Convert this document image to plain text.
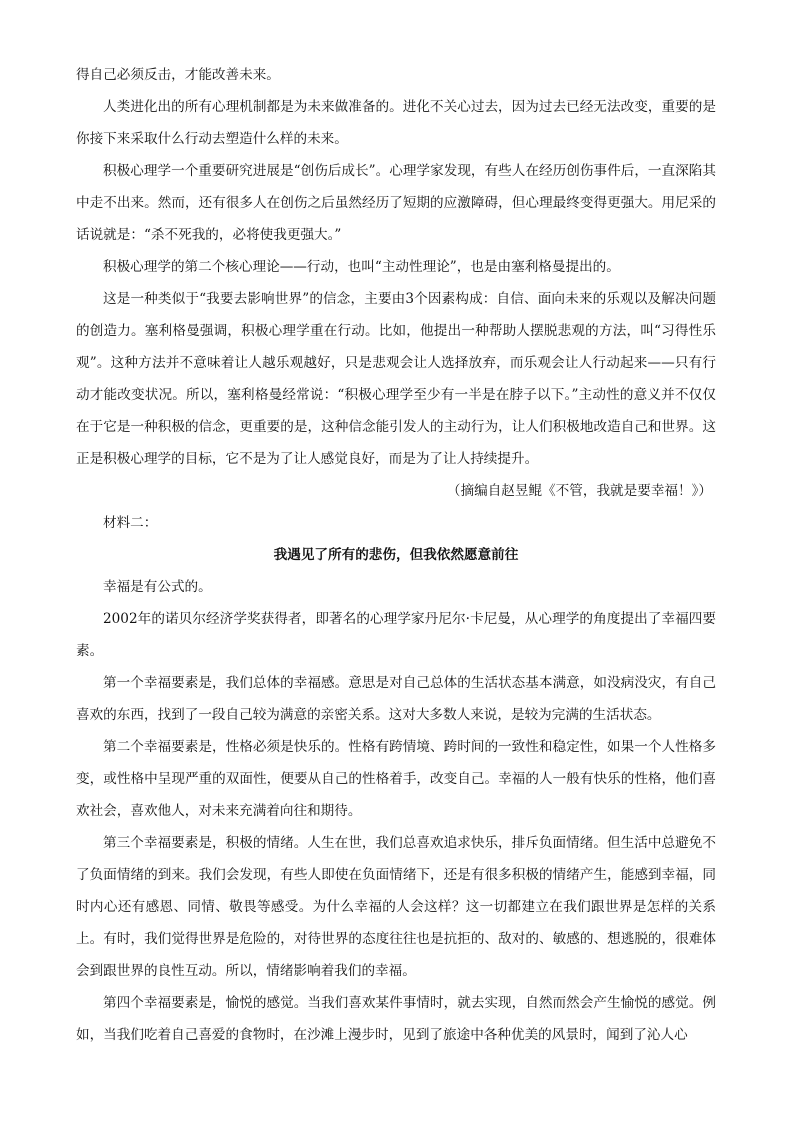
得自己必须反击，才能改善未来。

人类进化出的所有心理机制都是为未来做准备的。进化不关心过去，因为过去已经无法改变，重要的是你接下来采取什么行动去塑造什么样的未来。

积极心理学一个重要研究进展是“创伤后成长”。心理学家发现，有些人在经历创伤事件后，一直深陷其中走不出来。然而，还有很多人在创伤之后虽然经历了短期的应激障碍，但心理最终变得更强大。用尼采的话说就是：“杀不死我的，必将使我更强大。”

积极心理学的第二个核心理论——行动，也叫“主动性理论”，也是由塞利格曼提出的。

这是一种类似于“我要去影响世界”的信念，主要由3个因素构成：自信、面向未来的乐观以及解决问题的创造力。塞利格曼强调，积极心理学重在行动。比如，他提出一种帮助人摆脱悲观的方法，叫“习得性乐观”。这种方法并不意味着让人越乐观越好，只是悲观会让人选择放弃，而乐观会让人行动起来——只有行动才能改变状况。所以，塞利格曼经常说：“积极心理学至少有一半是在脖子以下。”主动性的意义并不仅仅在于它是一种积极的信念，更重要的是，这种信念能引发人的主动行为，让人们积极地改造自己和世界。这正是积极心理学的目标，它不是为了让人感觉良好，而是为了让人持续提升。

（摘编自赵昱鲲《不管，我就是要幸福！》）

材料二：

我遇见了所有的悲伤，但我依然愿意前往

幸福是有公式的。

2002年的诺贝尔经济学奖获得者，即著名的心理学家丹尼尔·卡尼曼，从心理学的角度提出了幸福四要素。

第一个幸福要素是，我们总体的幸福感。意思是对自己总体的生活状态基本满意，如没病没灾，有自己喜欢的东西，找到了一段自己较为满意的亲密关系。这对大多数人来说，是较为完满的生活状态。

第二个幸福要素是，性格必须是快乐的。性格有跨情境、跨时间的一致性和稳定性，如果一个人性格多变，或性格中呈现严重的双面性，便要从自己的性格着手，改变自己。幸福的人一般有快乐的性格，他们喜欢社会，喜欢他人，对未来充满着向往和期待。

第三个幸福要素是，积极的情绪。人生在世，我们总喜欢追求快乐，排斥负面情绪。但生活中总避免不了负面情绪的到来。我们会发现，有些人即使在负面情绪下，还是有很多积极的情绪产生，能感到幸福，同时内心还有感恩、同情、敬畏等感受。为什么幸福的人会这样？这一切都建立在我们跟世界是怎样的关系上。有时，我们觉得世界是危险的，对待世界的态度往往也是抗拒的、敌对的、敏感的、想逃脱的，很难体会到跟世界的良性互动。所以，情绪影响着我们的幸福。

第四个幸福要素是，愉悦的感觉。当我们喜欢某件事情时，就去实现，自然而然会产生愉悦的感觉。例如，当我们吃着自己喜爱的食物时，在沙滩上漫步时，见到了旅途中各种优美的风景时，闻到了沁人心
